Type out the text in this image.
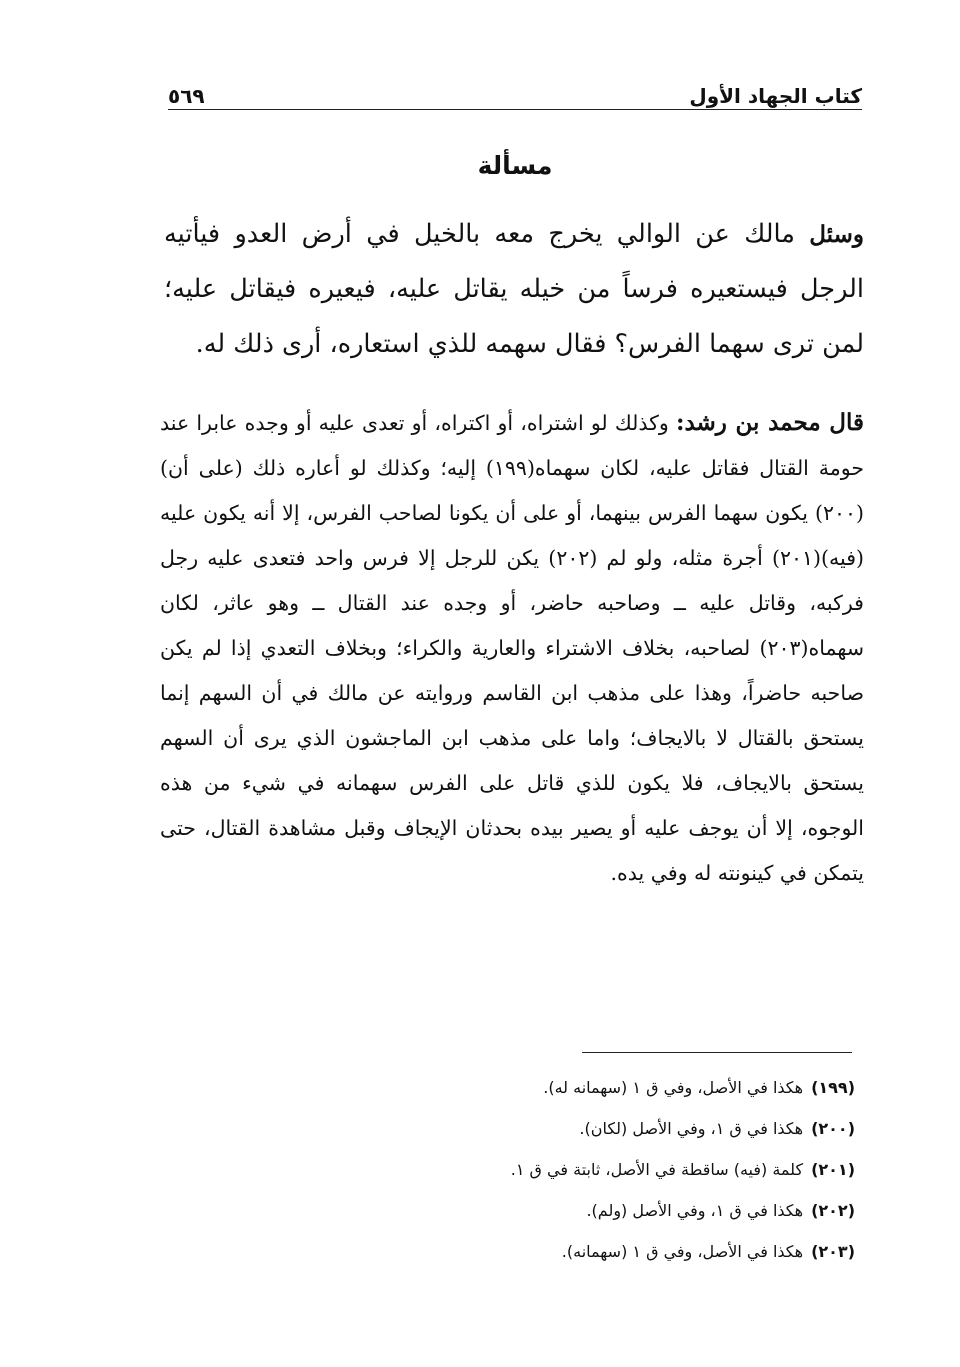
كتاب الجهاد الأول
٥٦٩
مسألة

وسئل مالك عن الوالي يخرج معه بالخيل في أرض العدو فيأتيه الرجل فيستعيره فرساً من خيله يقاتل عليه، فيعيره فيقاتل عليه؛ لمن ترى سهما الفرس؟ فقال سهمه للذي استعاره، أرى ذلك له.

قال محمد بن رشد: وكذلك لو اشتراه، أو اكتراه، أو تعدى عليه أو وجده عابرا عند حومة القتال فقاتل عليه، لكان سهماه(١٩٩) إليه؛ وكذلك لو أعاره ذلك (على أن)(٢٠٠) يكون سهما الفرس بينهما، أو على أن يكونا لصاحب الفرس، إلا أنه يكون عليه (فيه)(٢٠١) أجرة مثله، ولو لم (٢٠٢) يكن للرجل إلا فرس واحد فتعدى عليه رجل فركبه، وقاتل عليه ــ وصاحبه حاضر، أو وجده عند القتال ــ وهو عاثر، لكان سهماه(٢٠٣) لصاحبه، بخلاف الاشتراء والعارية والكراء؛ وبخلاف التعدي إذا لم يكن صاحبه حاضراً، وهذا على مذهب ابن القاسم وروايته عن مالك في أن السهم إنما يستحق بالقتال لا بالايجاف؛ واما على مذهب ابن الماجشون الذي يرى أن السهم يستحق بالايجاف، فلا يكون للذي قاتل على الفرس سهمانه في شيء من هذه الوجوه، إلا أن يوجف عليه أو يصير بيده بحدثان الإيجاف وقبل مشاهدة القتال، حتى يتمكن في كينونته له وفي يده.

(١٩٩)هكذا في الأصل، وفي ق ١ (سهمانه له).
(٢٠٠)هكذا في ق ١، وفي الأصل (لكان).
(٢٠١)كلمة (فيه) ساقطة في الأصل، ثابتة في ق ١.
(٢٠٢)هكذا في ق ١، وفي الأصل (ولم).
(٢٠٣)هكذا في الأصل، وفي ق ١ (سهمانه).
